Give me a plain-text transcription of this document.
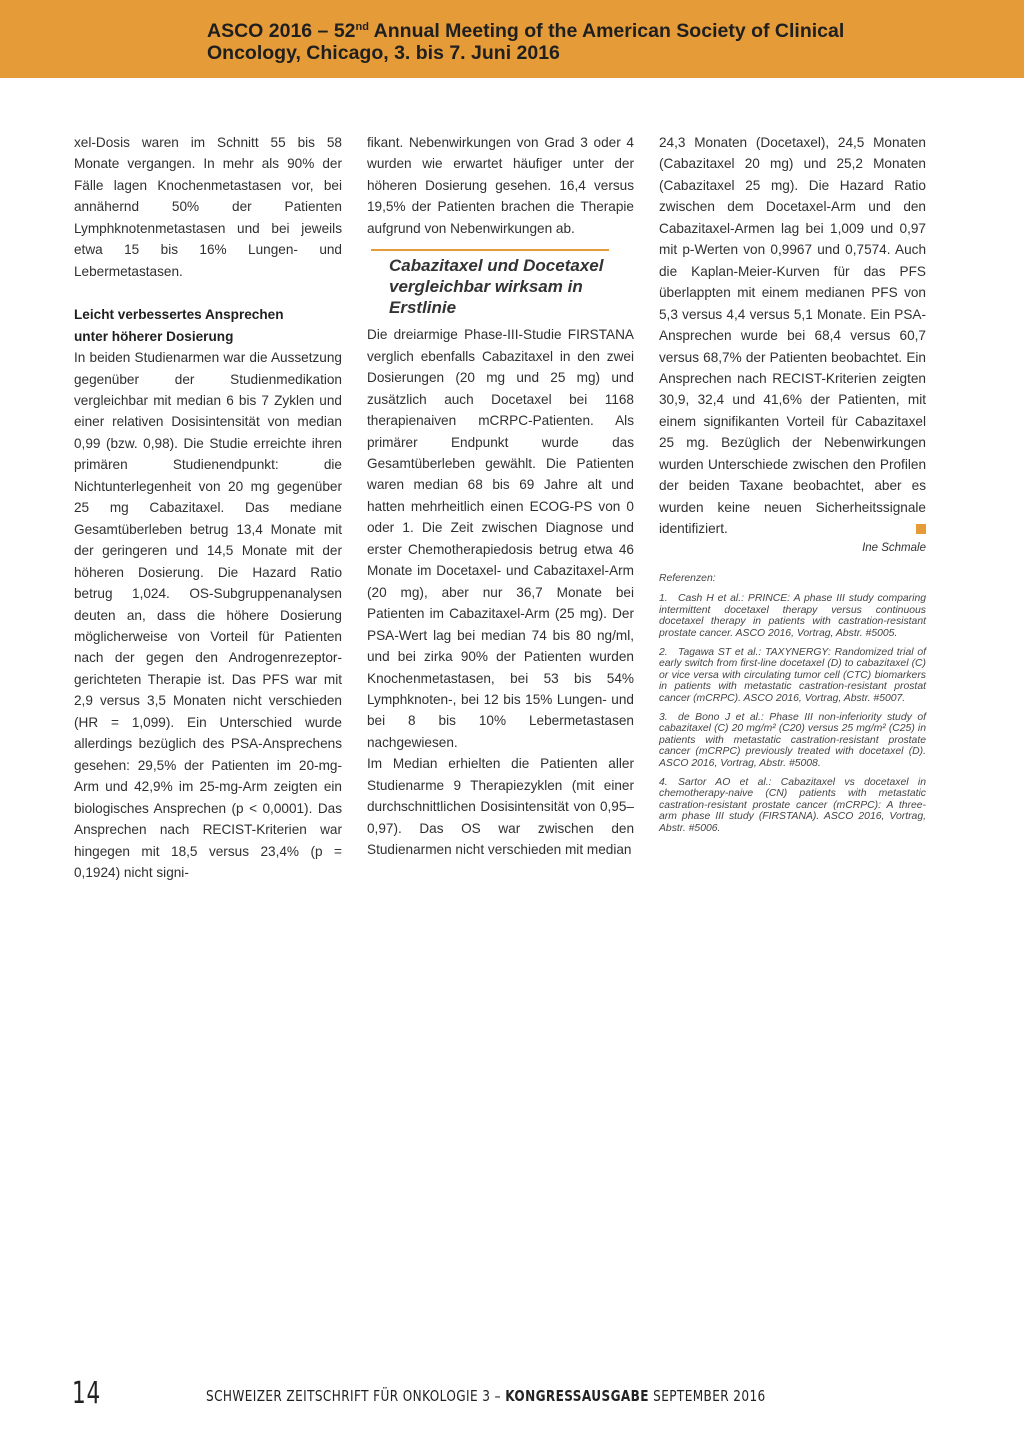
ASCO 2016 – 52nd Annual Meeting of the American Society of Clinical
Oncology, Chicago, 3. bis 7. Juni 2016

xel-Dosis waren im Schnitt 55 bis 58 Monate vergangen. In mehr als 90% der Fälle lagen Knochenmetastasen vor, bei annähernd 50% der Patienten Lymphknotenmetastasen und bei jeweils etwa 15 bis 16% Lungen- und Lebermetastasen.

Leicht verbessertes Ansprechen
unter höherer Dosierung

In beiden Studienarmen war die Aussetzung gegenüber der Studienmedikation vergleichbar mit median 6 bis 7 Zyklen und einer relativen Dosisintensität von median 0,99 (bzw. 0,98). Die Studie erreichte ihren primären Studienendpunkt: die Nichtunterlegenheit von 20 mg gegenüber 25 mg Cabazitaxel. Das mediane Gesamtüberleben betrug 13,4 Monate mit der geringeren und 14,5 Monate mit der höheren Dosierung. Die Hazard Ratio betrug 1,024. OS-Subgruppenanalysen deuten an, dass die höhere Dosierung möglicherweise von Vorteil für Patienten nach der gegen den Androgenrezeptor-gerichteten Therapie ist. Das PFS war mit 2,9 versus 3,5 Monaten nicht verschieden (HR = 1,099). Ein Unterschied wurde allerdings bezüglich des PSA-Ansprechens gesehen: 29,5% der Patienten im 20-mg-Arm und 42,9% im 25-mg-Arm zeigten ein biologisches Ansprechen (p < 0,0001). Das Ansprechen nach RECIST-Kriterien war hingegen mit 18,5 versus 23,4% (p = 0,1924) nicht signi-

fikant. Nebenwirkungen von Grad 3 oder 4 wurden wie erwartet häufiger unter der höheren Dosierung gesehen. 16,4 versus 19,5% der Patienten brachen die Therapie aufgrund von Nebenwirkungen ab.

Cabazitaxel und Docetaxel
vergleichbar wirksam in
Erstlinie

Die dreiarmige Phase-III-Studie FIRSTANA verglich ebenfalls Cabazitaxel in den zwei Dosierungen (20 mg und 25 mg) und zusätzlich auch Docetaxel bei 1168 therapienaiven mCRPC-Patienten. Als primärer Endpunkt wurde das Gesamtüberleben gewählt. Die Patienten waren median 68 bis 69 Jahre alt und hatten mehrheitlich einen ECOG-PS von 0 oder 1. Die Zeit zwischen Diagnose und erster Chemotherapiedosis betrug etwa 46 Monate im Docetaxel- und Cabazitaxel-Arm (20 mg), aber nur 36,7 Monate bei Patienten im Cabazitaxel-Arm (25 mg). Der PSA-Wert lag bei median 74 bis 80 ng/ml, und bei zirka 90% der Patienten wurden Knochenmetastasen, bei 53 bis 54% Lymphknoten-, bei 12 bis 15% Lungen- und bei 8 bis 10% Lebermetastasen nachgewiesen.

Im Median erhielten die Patienten aller Studienarme 9 Therapiezyklen (mit einer durchschnittlichen Dosisintensität von 0,95–0,97). Das OS war zwischen den Studienarmen nicht verschieden mit median

24,3 Monaten (Docetaxel), 24,5 Monaten (Cabazitaxel 20 mg) und 25,2 Monaten (Cabazitaxel 25 mg). Die Hazard Ratio zwischen dem Docetaxel-Arm und den Cabazitaxel-Armen lag bei 1,009 und 0,97 mit p-Werten von 0,9967 und 0,7574. Auch die Kaplan-Meier-Kurven für das PFS überlappten mit einem medianen PFS von 5,3 versus 4,4 versus 5,1 Monate. Ein PSA-Ansprechen wurde bei 68,4 versus 60,7 versus 68,7% der Patienten beobachtet. Ein Ansprechen nach RECIST-Kriterien zeigten 30,9, 32,4 und 41,6% der Patienten, mit einem signifikanten Vorteil für Cabazitaxel 25 mg. Bezüglich der Nebenwirkungen wurden Unterschiede zwischen den Profilen der beiden Taxane beobachtet, aber es wurden keine neuen Sicherheitssignale identifiziert.

Ine Schmale

Referenzen:

1. Cash H et al.: PRINCE: A phase III study comparing intermittent docetaxel therapy versus continuous docetaxel therapy in patients with castration-resistant prostate cancer. ASCO 2016, Vortrag, Abstr. #5005.

2. Tagawa ST et al.: TAXYNERGY: Randomized trial of early switch from first-line docetaxel (D) to cabazitaxel (C) or vice versa with circulating tumor cell (CTC) biomarkers in patients with metastatic castration-resistant prostat cancer (mCRPC). ASCO 2016, Vortrag, Abstr. #5007.

3. de Bono J et al.: Phase III non-inferiority study of cabazitaxel (C) 20 mg/m² (C20) versus 25 mg/m² (C25) in patients with metastatic castration-resistant prostate cancer (mCRPC) previously treated with docetaxel (D). ASCO 2016, Vortrag, Abstr. #5008.

4. Sartor AO et al.: Cabazitaxel vs docetaxel in chemotherapy-naive (CN) patients with metastatic castration-resistant prostate cancer (mCRPC): A three-arm phase III study (FIRSTANA). ASCO 2016, Vortrag, Abstr. #5006.

14	SCHWEIZER ZEITSCHRIFT FÜR ONKOLOGIE 3 – KONGRESSAUSGABE SEPTEMBER 2016
